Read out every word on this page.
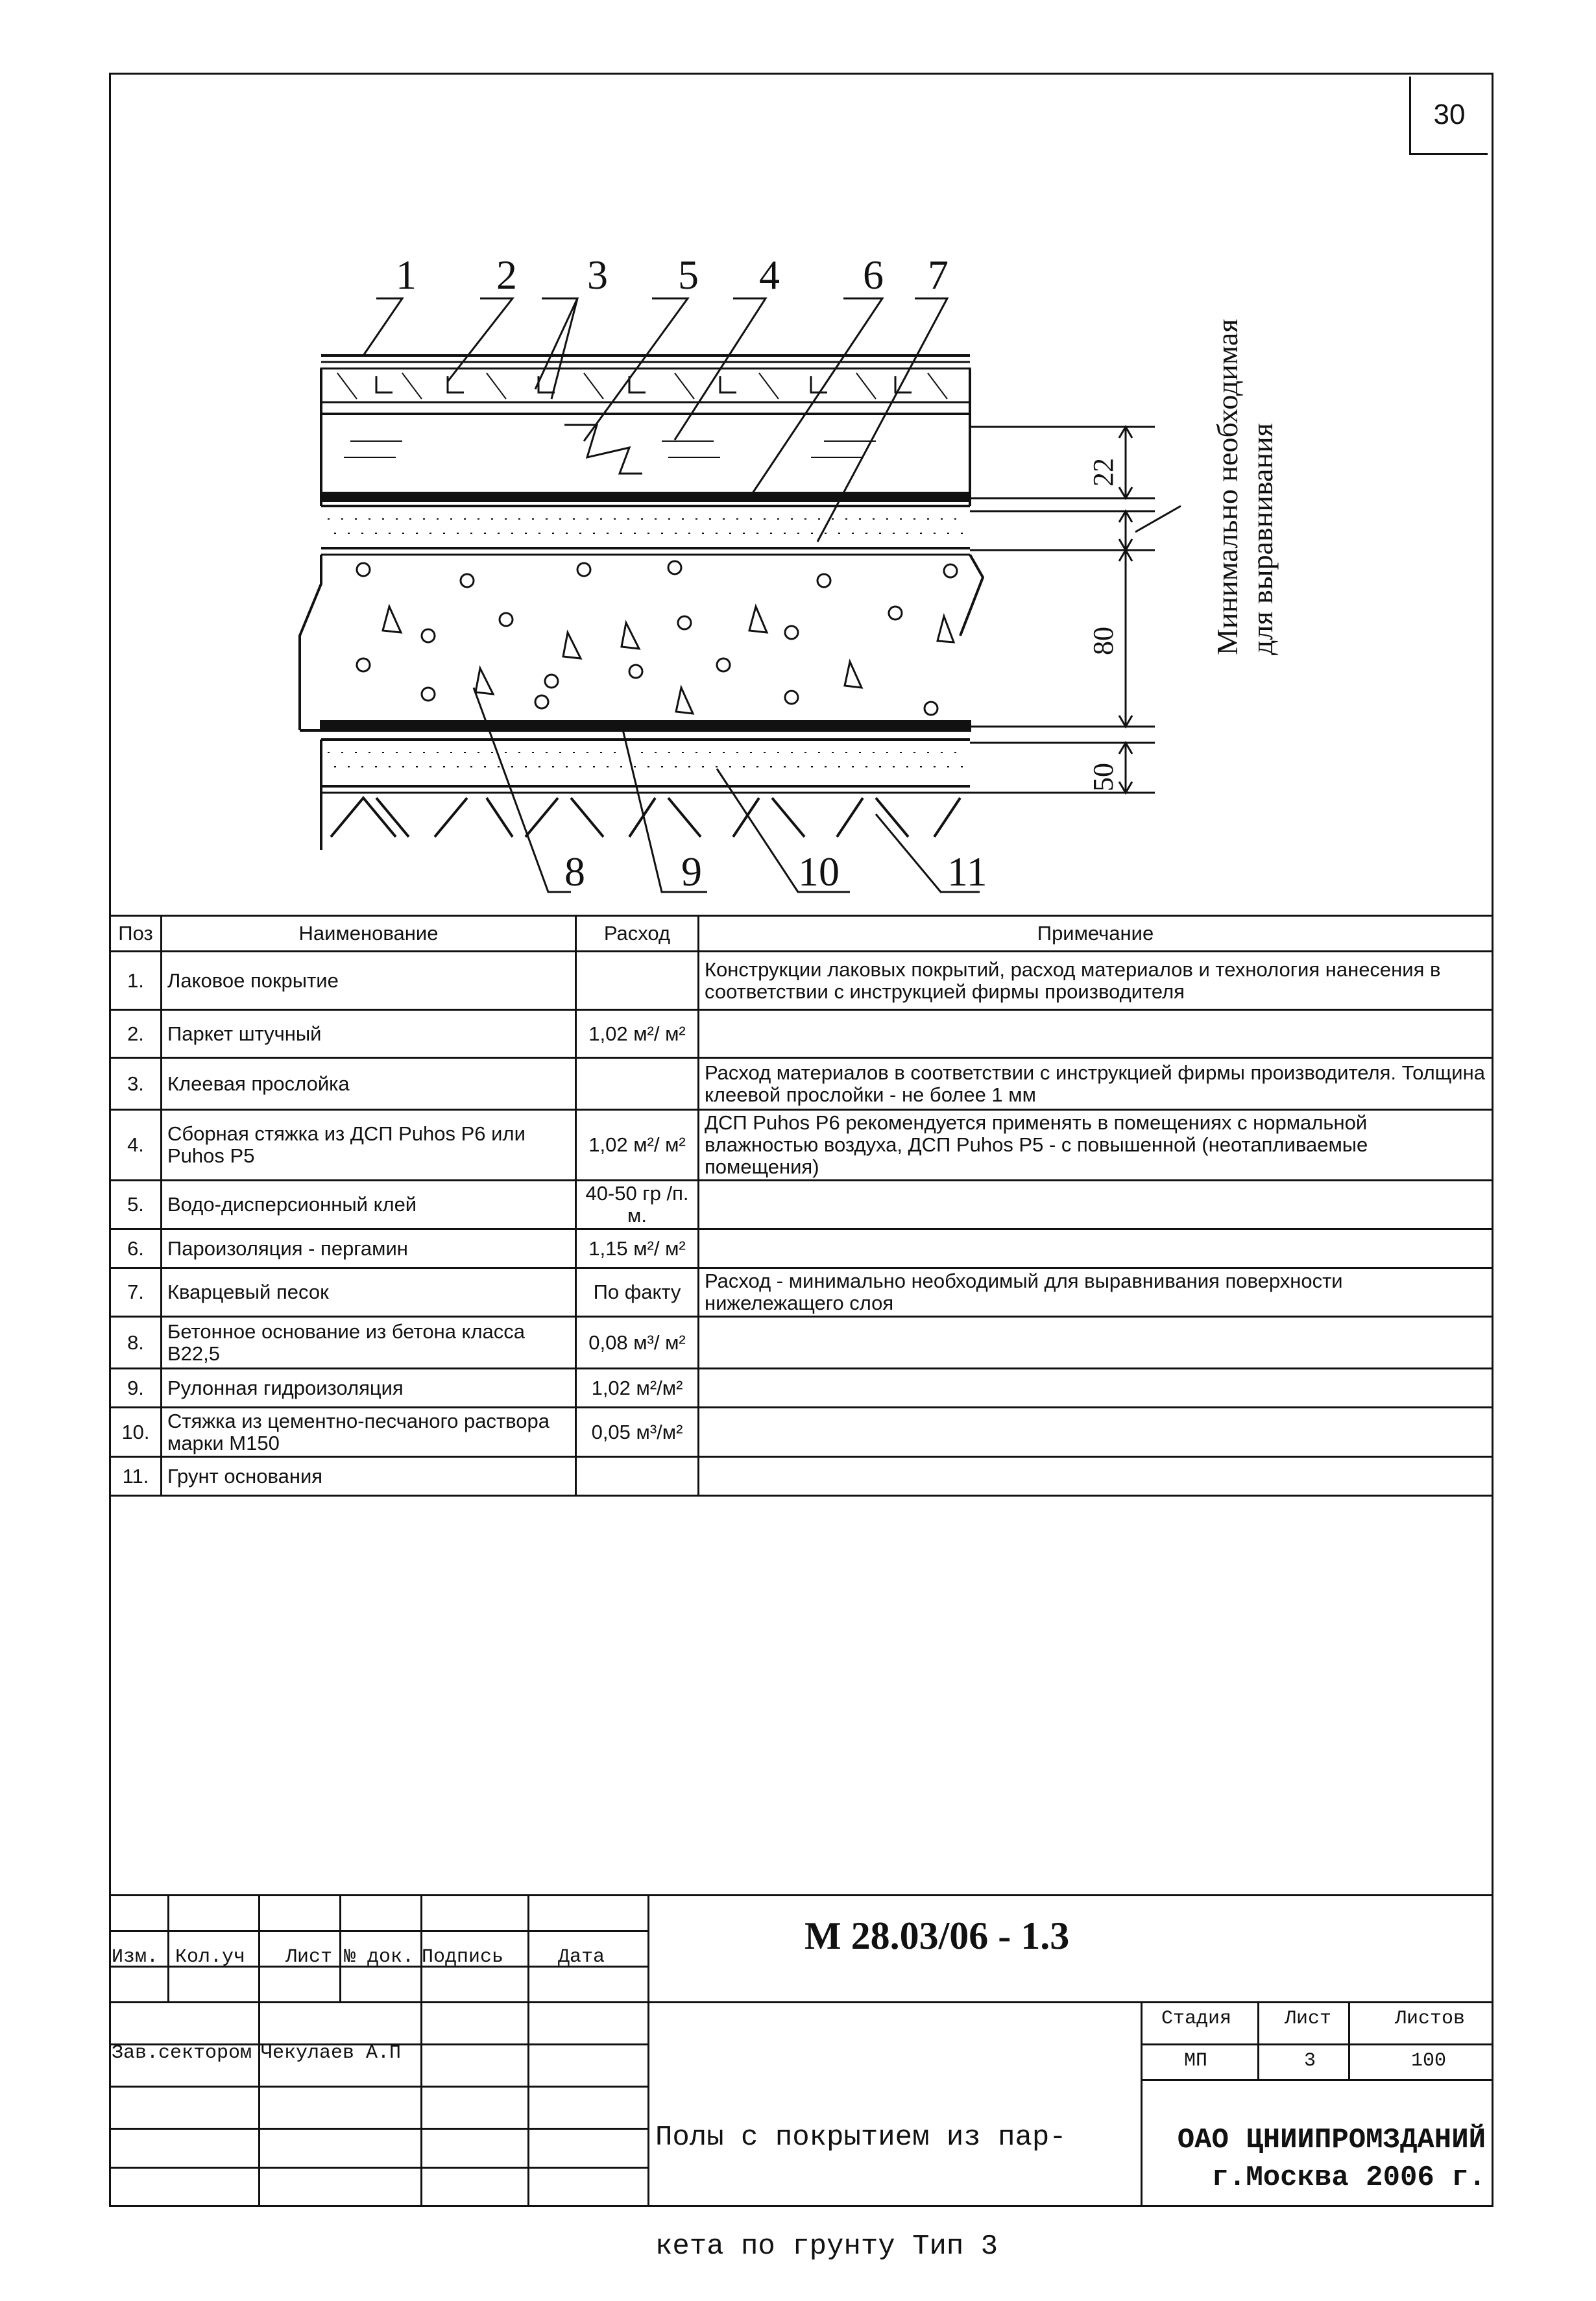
30
1 2 3 5 4 6 7
8 9 10	11
22
80
50
Минимально необходимая для выравнивания
Поз	Наименование	Расход	Примечание
1.	Лаковое покрытие		Конструкции лаковых покрытий, расход материалов и технология нанесения в соответствии с инструкцией фирмы производителя
2.	Паркет штучный	1,02 м²/ м²	
3.	Клеевая прослойка		Расход материалов в соответствии с инструкцией фирмы производителя. Толщина клеевой прослойки - не более 1 мм
4.	Сборная стяжка из ДСП Puhos P6 или Puhos P5	1,02 м²/ м²	ДСП Puhos P6 рекомендуется применять в помещениях с нормальной влажностью воздуха, ДСП Puhos P5 - с повышенной (неотапливаемые помещения)
5.	Водо-дисперсионный клей	40-50 гр /п. м.	
6.	Пароизоляция - пергамин	1,15 м²/ м²	
7.	Кварцевый песок	По факту	Расход - минимально необходимый для выравнивания поверхности нижележащего слоя
8.	Бетонное основание из бетона класса B22,5	0,08 м³/ м²	
9.	Рулонная гидроизоляция	1,02 м²/м²	
10.	Стяжка из цементно-песчаного раствора марки М150	0,05 м³/м²	
11.	Грунт основания		
Изм. Кол.уч Лист № док. Подпись	Дата
Зав.сектором Чекулаев А.П
М 28.03/06 - 1.3

Полы с покрытием из пар-

кета по грунту Тип 3

Стадия	Лист	Листов
МП	3	100
ОАО ЦНИИПРОМЗДАНИЙ
г.Москва 2006 г.
